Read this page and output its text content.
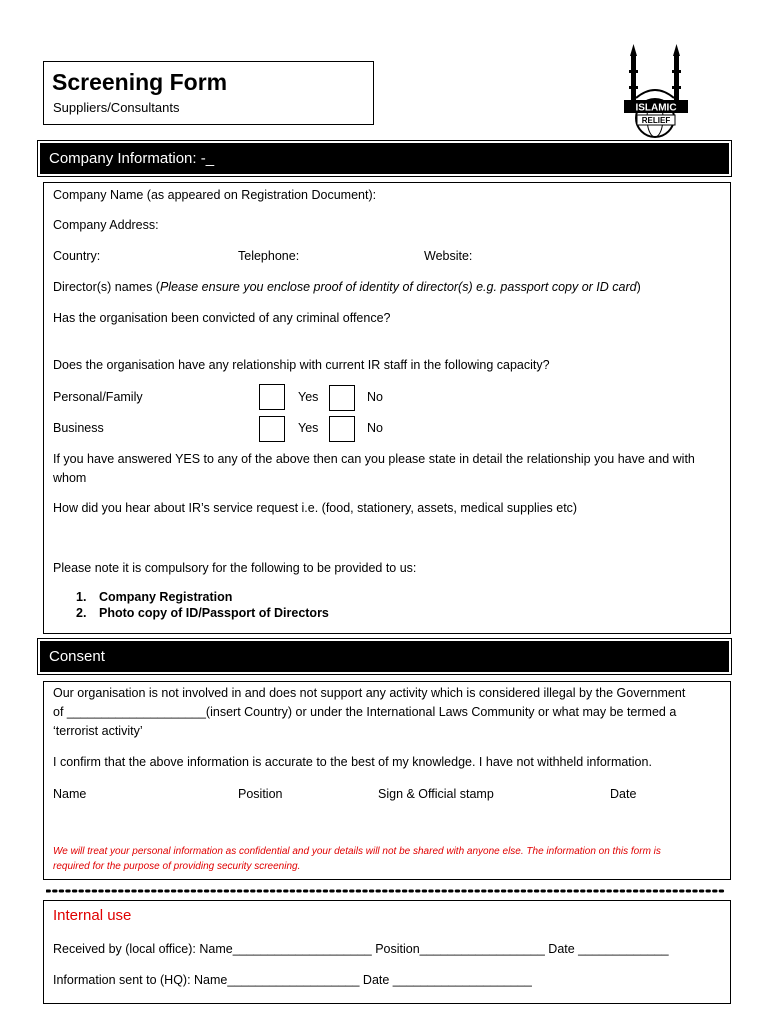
Screening Form
Suppliers/Consultants	ISLAMIC
RELIEF
Company Information: -_
Company Name (as appeared on Registration Document):
Company Address:
Country:	Telephone:	Website:
Director(s) names (Please ensure you enclose proof of identity of director(s) e.g. passport copy or ID card)
Has the organisation been convicted of any criminal offence?
Does the organisation have any relationship with current IR staff in the following capacity?
Personal/Family	Yes	No
Business	Yes	No
If you have answered YES to any of the above then can you please state in detail the relationship you have and with
whom
How did you hear about IR’s service request i.e. (food, stationery, assets, medical supplies etc)
Please note it is compulsory for the following to be provided to us:
1. Company Registration
2. Photo copy of ID/Passport of Directors
Consent
Our organisation is not involved in and does not support any activity which is considered illegal by the Government
of ____________________(insert Country) or under the International Laws Community or what may be termed a
‘terrorist activity’
I confirm that the above information is accurate to the best of my knowledge. I have not withheld information.
Name	Position	Sign & Official stamp	Date
We will treat your personal information as confidential and your details will not be shared with anyone else. The information on this form is
required for the purpose of providing security screening.
Internal use
Received by (local office): Name____________________ Position__________________ Date _____________
Information sent to (HQ): Name___________________ Date ____________________
